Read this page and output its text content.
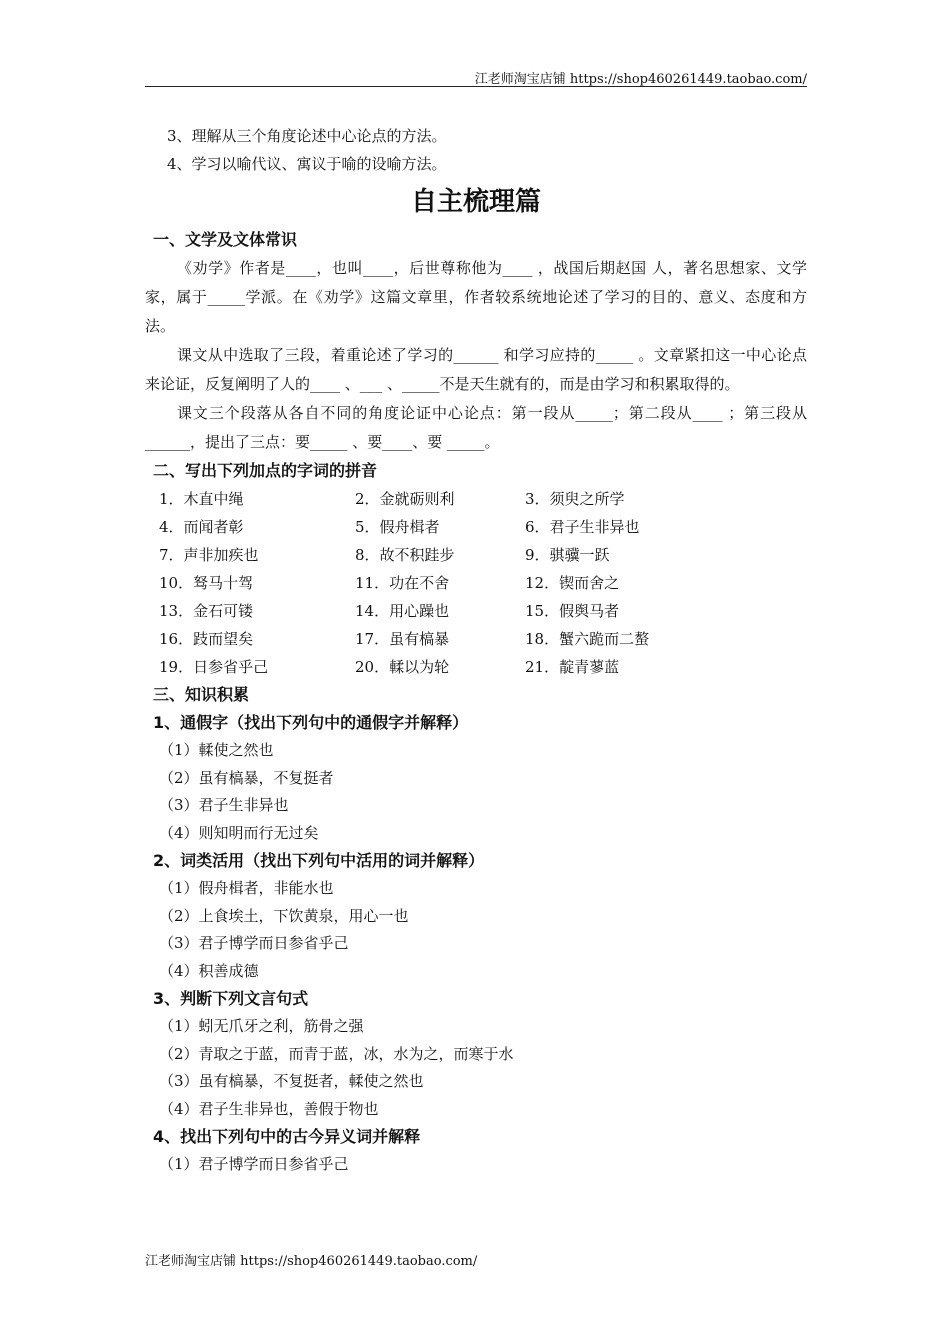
江老师淘宝店铺 https://shop460261449.taobao.com/
3、理解从三个角度论述中心论点的方法。
4、学习以喻代议、寓议于喻的设喻方法。
自主梳理篇
一、文学及文体常识
《劝学》作者是____，也叫____，后世尊称他为____ ，战国后期赵国 人，著名思想家、文学家，属于_____学派。在《劝学》这篇文章里，作者较系统地论述了学习的目的、意义、态度和方法。
课文从中选取了三段，着重论述了学习的______ 和学习应持的_____ 。文章紧扣这一中心论点来论证，反复阐明了人的____ 、___ 、_____不是天生就有的，而是由学习和积累取得的。
课文三个段落从各自不同的角度论证中心论点：第一段从_____；第二段从____ ；第三段从______，提出了三点：要_____ 、要____、要 _____。
二、写出下列加点的字词的拼音
1．木直中绳	2．金就砺则利	3．须臾之所学
4．而闻者彰	5．假舟楫者	6．君子生非异也
7．声非加疾也	8．故不积跬步	9．骐骥一跃
10．驽马十驾	11．功在不舍	12．锲而舍之
13．金石可镂	14．用心躁也	15．假舆马者
16．跂而望矣	17．虽有槁暴	18．蟹六跪而二螯
19．日参省乎己	20．輮以为轮	21．靛青蓼蓝
三、知识积累
1、通假字（找出下列句中的通假字并解释）
（1）輮使之然也
（2）虽有槁暴，不复挺者
（3）君子生非异也
（4）则知明而行无过矣
2、词类活用（找出下列句中活用的词并解释）
（1）假舟楫者，非能水也
（2）上食埃土，下饮黄泉，用心一也
（3）君子博学而日参省乎己
（4）积善成德
3、判断下列文言句式
（1）蚓无爪牙之利，筋骨之强
（2）青取之于蓝，而青于蓝，冰，水为之，而寒于水
（3）虽有槁暴，不复挺者，輮使之然也
（4）君子生非异也，善假于物也
4、找出下列句中的古今异义词并解释
（1）君子博学而日参省乎己
江老师淘宝店铺 https://shop460261449.taobao.com/
